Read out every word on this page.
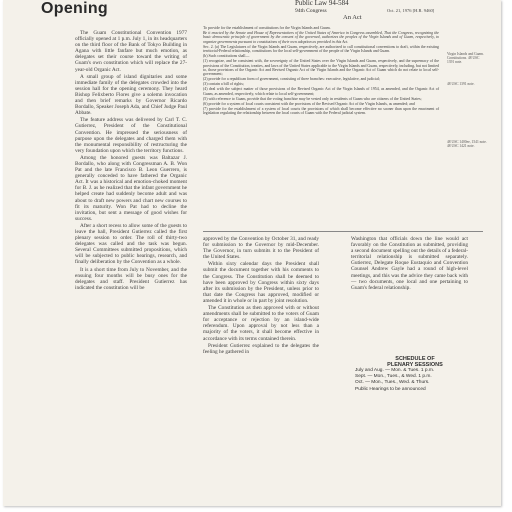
Opening

The Guam Constitutional Convention 1977 officially opened at 1 p.m. July 1, in its headquarters on the third floor of the Bank of Tokyo Building in Agana with little fanfare but much emotion, as delegates set their course toward the writing of Guam's own constitution which will replace the 27-year-old Organic Act.

A small group of island dignitaries and some immediate family of the delegates crowded into the session hall for the opening ceremony. They heard Bishop Felixberto Flores give a solemn invocation and then brief remarks by Governor Ricardo Bordallo, Speaker Joseph Ada, and Chief Judge Paul Abbate.

The feature address was delivered by Carl T. C. Gutierrez, President of the Constitutional Convention. He impressed the seriousness of purpose upon the delegates and charged them with the monumental responsibility of restructuring the very foundation upon which the territory functions.

Among the honored guests was Baltazar J. Bordallo, who along with Congressman A. B. Won Pat and the late Francisco B. Leon Guerrero, is generally conceded to have fathered the Organic Act. It was a historical and emotion-choked moment for B. J. as he realized that the infant government he helped create had suddenly become adult and was about to draft new powers and chart new courses to fit its maturity. Won Pat had to decline the invitation, but sent a message of good wishes for success.

After a short recess to allow some of the guests to leave the hall, President Gutierrez called the first plenary session to order. The roll of thirty-two delegates was called and the task was begun. Several Committees submitted propositions, which will be subjected to public hearings, research, and finally deliberation by the Convention as a whole.

It is a short time from July to November, and the ensuing four months will be busy ones for the delegates and staff. President Gutierrez has indicated the constitution will be

Public Law 94-584
94th Congress	Oct. 21, 1976 [H.R. 9460]
An Act

To provide for the establishment of constitutions for the Virgin Islands and Guam.

Be it enacted by the Senate and House of Representatives of the United States of America in Congress assembled, That the Congress, recognizing the basic democratic principle of government by the consent of the governed, authorizes the peoples of the Virgin Islands and of Guam, respectively, to organize governments pursuant to constitutions of their own adoption as provided in this Act.

Sec. 2. (a) The Legislatures of the Virgin Islands and Guam, respectively, are authorized to call constitutional conventions to draft, within the existing territorial-Federal relationship, constitutions for the local self-government of the people of the Virgin Islands and Guam.

(b) Such constitutions shall—

(1) recognize, and be consistent with, the sovereignty of the United States over the Virgin Islands and Guam, respectively, and the supremacy of the provisions of the Constitution, treaties, and laws of the United States applicable to the Virgin Islands and Guam, respectively, including, but not limited to, those provisions of the Organic Act and Revised Organic Act of the Virgin Islands and the Organic Act of Guam which do not relate to local self-government;

(2) provide for a republican form of government, consisting of three branches: executive, legislative, and judicial;

(3) contain a bill of rights;

(4) deal with the subject matter of those provisions of the Revised Organic Act of the Virgin Islands of 1954, as amended, and the Organic Act of Guam, as amended, respectively, which relate to local self-government;

(5) with reference to Guam, provide that the voting franchise may be vested only in residents of Guam who are citizens of the United States;

(6) provide for a system of local courts consistent with the provisions of the Revised Organic Act of the Virgin Islands, as amended; and

(7) provide for the establishment of a system of local courts the provisions of which shall become effective no sooner than upon the enactment of legislation regulating the relationship between the local courts of Guam with the Federal judicial system.

Virgin Islands and Guam. Constitutions. 48 USC 1391 note.
48 USC 1391 note.
48 USC 1400ee, 1541 note. 48 USC 1421 note.

approved by the Convention by October 31, and ready for submission to the Governor by mid-December. The Governor, in turn submits it to the President of the United States.

Within sixty calendar days the President shall submit the document together with his comments to the Congress. The Constitution shall be deemed to have been approved by Congress within sixty days after its submission by the President, unless prior to that date the Congress has approved, modified or amended it in whole or in part by joint resolution.

The Constitution as then approved with or without amendments shall be submitted to the voters of Guam for acceptance or rejection by an island-wide referendum. Upon approval by not less than a majority of the voters, it shall become effective in accordance with its terms contained therein.

President Gutierrez explained to the delegates the feeling he gathered in

Washington that officials down the line would act favorably on the Constitution as submitted, providing a second document spelling out the details of a federal-territorial relationship is submitted separately. Gutierrez, Delegate Roque Eustaquio and Convention Counsel Andrew Gayle had a round of high-level meetings, and this was the advice they came back with — two documents, one local and one pertaining to Guam's federal relationship.

SCHEDULE OF
PLENARY SESSIONS
July and Aug. — Mon. & Tues. 1 p.m.
Sept. — Mon., Tues., & Wed. 1 p.m.
Oct. — Mon., Tues., Wed. & Thurs.
Public Hearings to be announced
